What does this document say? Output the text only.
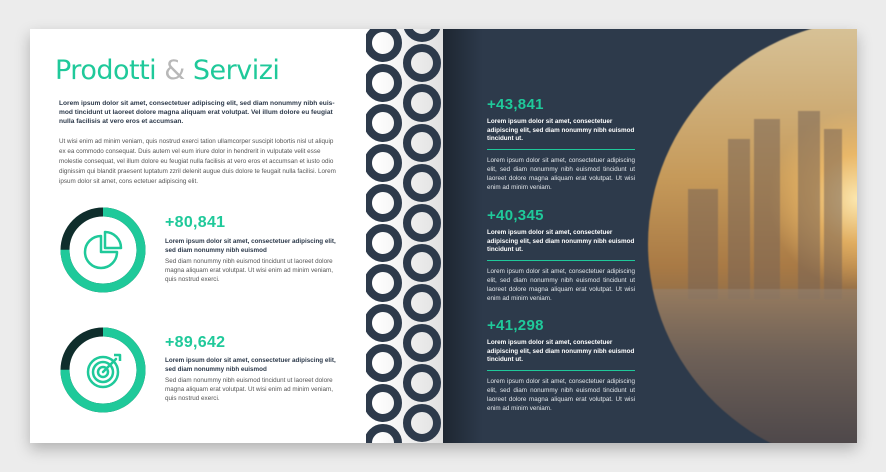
Prodotti & Servizi

Lorem ipsum dolor sit amet, consectetuer adipiscing elit, sed diam nonummy nibh euis-mod tincidunt ut laoreet dolore magna aliquam erat volutpat. Vel illum dolore eu feugiat nulla facilisis at vero eros et accumsan.

Ut wisi enim ad minim veniam, quis nostrud exerci tation ullamcorper suscipit lobortis nisl ut aliquip ex ea commodo consequat. Duis autem vel eum iriure dolor in hendrerit in vulputate velit esse molestie consequat, vel illum dolore eu feugiat nulla facilisis at vero eros et accumsan et iusto odio dignissim qui blandit praesent luptatum zzril delenit augue duis dolore te feugait nulla facilisi. Lorem ipsum dolor sit amet, cons ectetuer adipiscing elit.

+80,841

Lorem ipsum dolor sit amet, consectetuer adipiscing elit, sed diam nonummy nibh euismod

Sed diam nonummy nibh euismod tincidunt ut laoreet dolore magna aliquam erat volutpat. Ut wisi enim ad minim veniam, quis nostrud exerci.

+89,642

Lorem ipsum dolor sit amet, consectetuer adipiscing elit, sed diam nonummy nibh euismod

Sed diam nonummy nibh euismod tincidunt ut laoreet dolore magna aliquam erat volutpat. Ut wisi enim ad minim veniam, quis nostrud exerci.

+43,841

Lorem ipsum dolor sit amet, consectetuer adipiscing elit, sed diam nonummy nibh euismod tincidunt ut.

Lorem ipsum dolor sit amet, consectetuer adipiscing elit, sed diam nonummy nibh euismod tincidunt ut laoreet dolore magna aliquam erat volutpat. Ut wisi enim ad minim veniam.

+40,345

Lorem ipsum dolor sit amet, consectetuer adipiscing elit, sed diam nonummy nibh euismod tincidunt ut.

Lorem ipsum dolor sit amet, consectetuer adipiscing elit, sed diam nonummy nibh euismod tincidunt ut laoreet dolore magna aliquam erat volutpat. Ut wisi enim ad minim veniam.

+41,298

Lorem ipsum dolor sit amet, consectetuer adipiscing elit, sed diam nonummy nibh euismod tincidunt ut.

Lorem ipsum dolor sit amet, consectetuer adipiscing elit, sed diam nonummy nibh euismod tincidunt ut laoreet dolore magna aliquam erat volutpat. Ut wisi enim ad minim veniam.
